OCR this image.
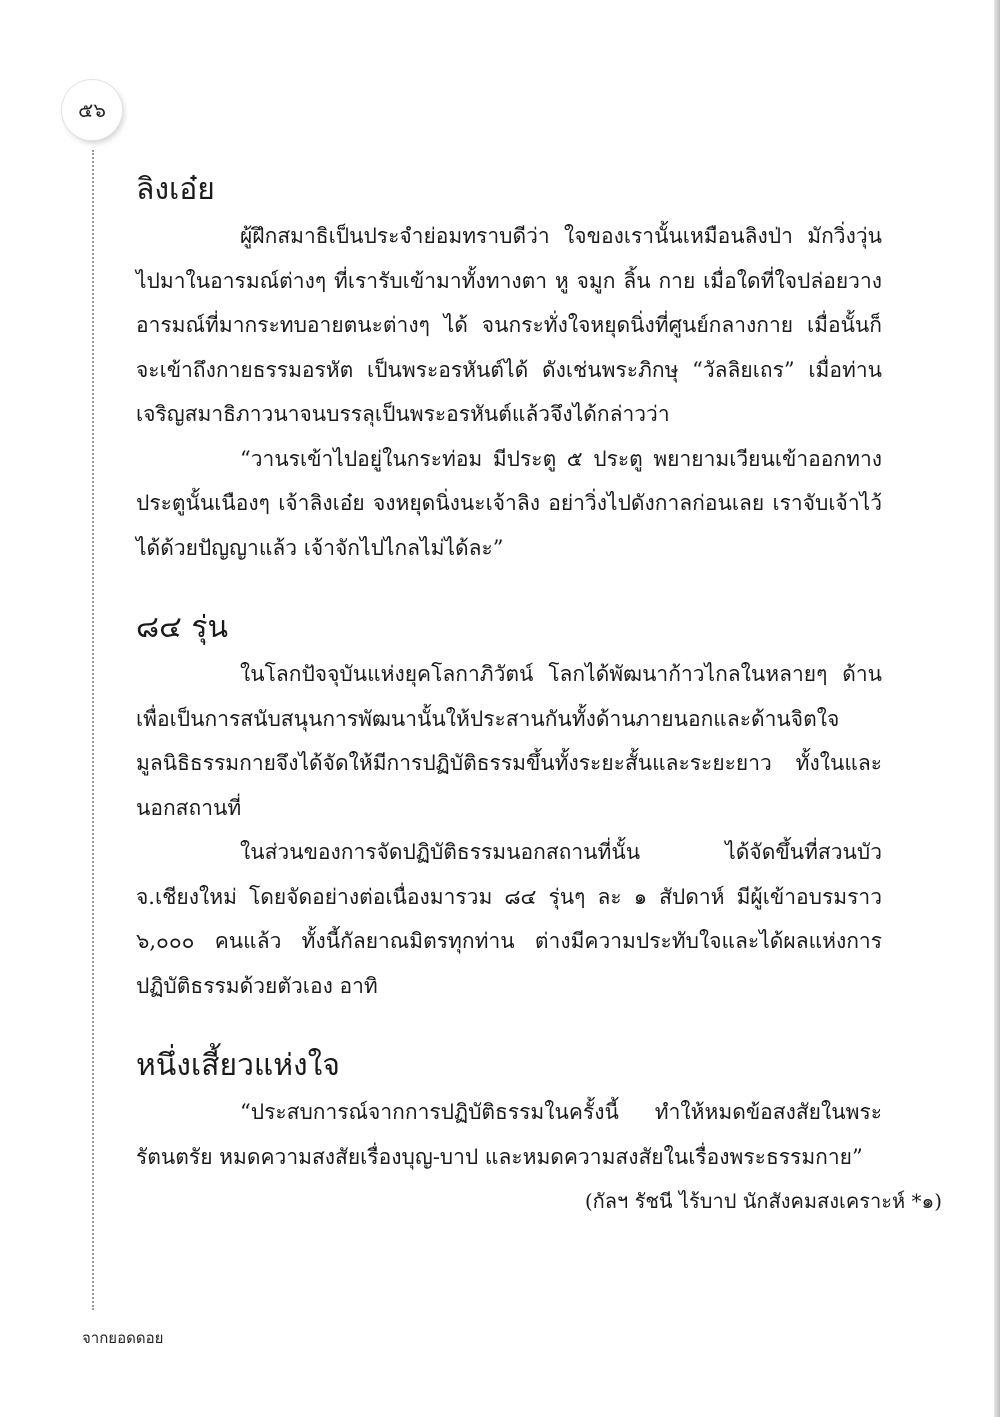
๕๖
ลิงเอ๋ย

ผู้ฝึกสมาธิเป็นประจำย่อมทราบดีว่า ใจของเรานั้นเหมือนลิงป่า มักวิ่งวุ่นไปมาในอารมณ์ต่างๆ ที่เรารับเข้ามาทั้งทางตา หู จมูก ลิ้น กาย เมื่อใดที่ใจปล่อยวางอารมณ์ที่มากระทบอายตนะต่างๆ ได้ จนกระทั่งใจหยุดนิ่งที่ศูนย์กลางกาย เมื่อนั้นก็จะเข้าถึงกายธรรมอรหัต เป็นพระอรหันต์ได้ ดังเช่นพระภิกษุ “วัลลิยเถร” เมื่อท่านเจริญสมาธิภาวนาจนบรรลุเป็นพระอรหันต์แล้วจึงได้กล่าวว่า

“วานรเข้าไปอยู่ในกระท่อม มีประตู ๕ ประตู พยายามเวียนเข้าออกทางประตูนั้นเนืองๆ เจ้าลิงเอ๋ย จงหยุดนิ่งนะเจ้าลิง อย่าวิ่งไปดังกาลก่อนเลย เราจับเจ้าไว้ได้ด้วยปัญญาแล้ว เจ้าจักไปไกลไม่ได้ละ”

๘๔ รุ่น

ในโลกปัจจุบันแห่งยุคโลกาภิวัตน์ โลกได้พัฒนาก้าวไกลในหลายๆ ด้าน เพื่อเป็นการสนับสนุนการพัฒนานั้นให้ประสานกันทั้งด้านภายนอกและด้านจิตใจ มูลนิธิธรรมกายจึงได้จัดให้มีการปฏิบัติธรรมขึ้นทั้งระยะสั้นและระยะยาว ทั้งในและนอกสถานที่

ในส่วนของการจัดปฏิบัติธรรมนอกสถานที่นั้น ได้จัดขึ้นที่สวนบัว จ.เชียงใหม่ โดยจัดอย่างต่อเนื่องมารวม ๘๔ รุ่นๆ ละ ๑ สัปดาห์ มีผู้เข้าอบรมราว ๖,๐๐๐ คนแล้ว ทั้งนี้กัลยาณมิตรทุกท่าน ต่างมีความประทับใจและได้ผลแห่งการปฏิบัติธรรมด้วยตัวเอง อาทิ

หนึ่งเสี้ยวแห่งใจ

“ประสบการณ์จากการปฏิบัติธรรมในครั้งนี้ ทำให้หมดข้อสงสัยในพระรัตนตรัย หมดความสงสัยเรื่องบุญ-บาป และหมดความสงสัยในเรื่องพระธรรมกาย”

(กัลฯ รัชนี ไร้บาป นักสังคมสงเคราะห์ *๑)

จากยอดดอย
